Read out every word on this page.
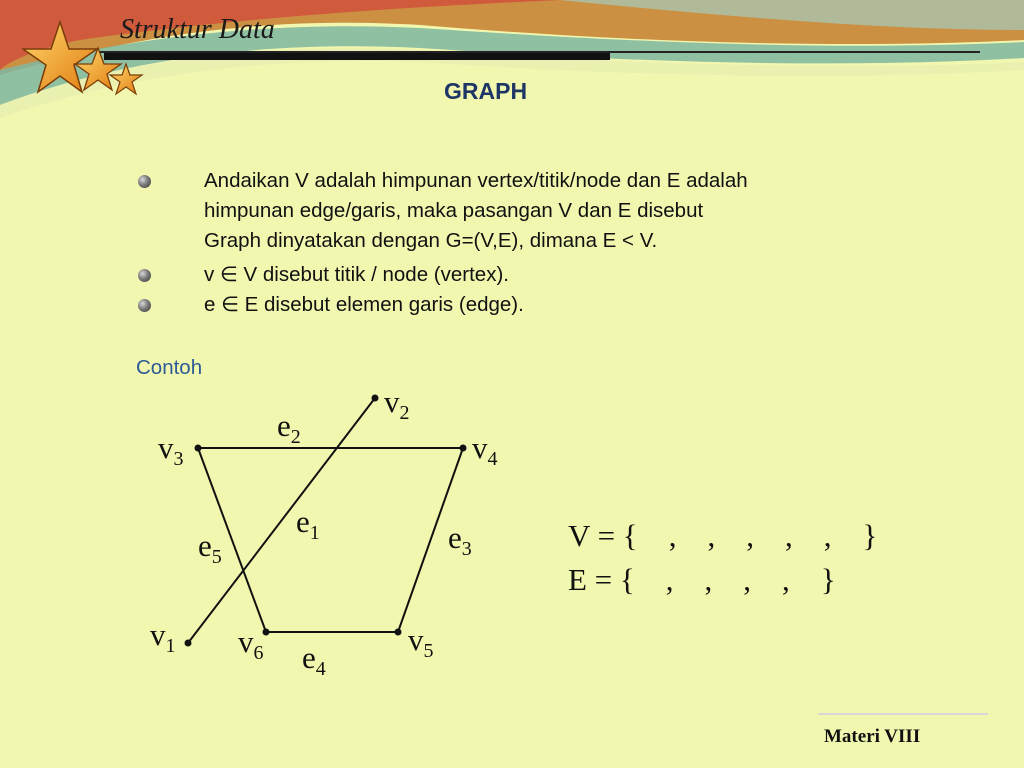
Struktur Data
GRAPH
Andaikan V adalah himpunan vertex/titik/node dan E adalah
himpunan edge/garis, maka pasangan V dan E disebut
Graph dinyatakan dengan G=(V,E), dimana E < V.
v ∈ V disebut titik / node (vertex).
e ∈ E disebut elemen garis (edge).
Contoh
$e_1$
$e_2$
$e_3$
$e_4$
$e_5$
$v_1$
$v_2$
$v_3$	$v_4$
$v_5$
$v_6$
V = {    ,    ,    ,    ,    ,    }
E = {    ,    ,    ,    ,    }
Materi VIII
